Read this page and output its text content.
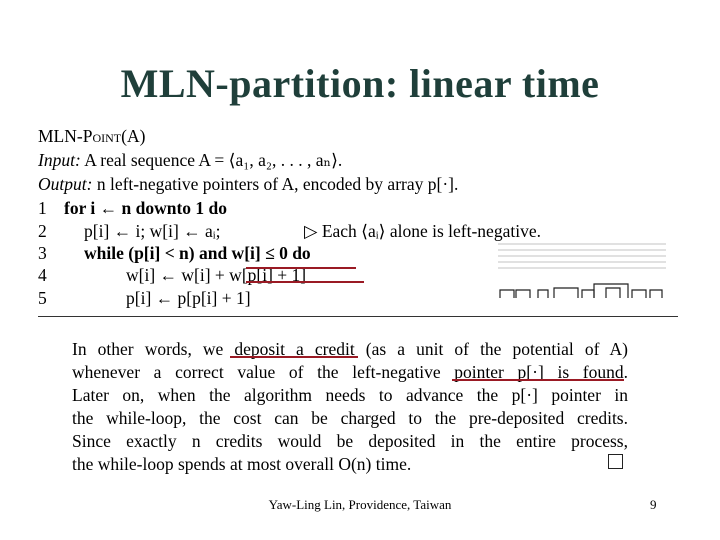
MLN-partition: linear time
MLN-Point(A)
Input: A real sequence A = ⟨a₁, a₂, . . . , aₙ⟩.
Output: n left-negative pointers of A, encoded by array p[·].
1 for i ← n downto 1 do
2 p[i] ← i; w[i] ← aᵢ;	▷ Each ⟨aᵢ⟩ alone is left-negative.
3 while (p[i] < n) and w[i] ≤ 0 do
4	w[i] ← w[i] + w[p[i] + 1]
5	p[i] ← p[p[i] + 1]
In other words, we deposit a credit (as a unit of the potential of A)
whenever a correct value of the left-negative pointer p[·] is found.
Later on, when the algorithm needs to advance the p[·] pointer in
the while-loop, the cost can be charged to the pre-deposited credits.
Since exactly n credits would be deposited in the entire process,
the while-loop spends at most overall O(n) time.
Yaw-Ling Lin, Providence, Taiwan	9
